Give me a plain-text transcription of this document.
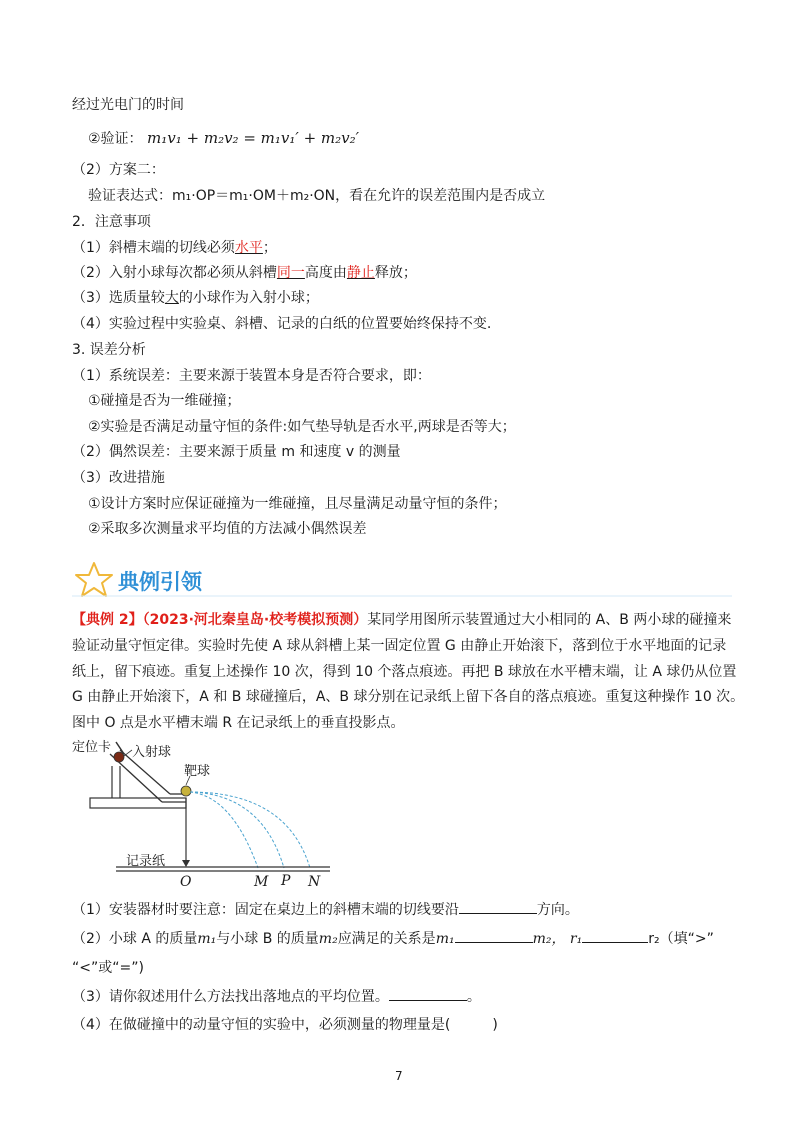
经过光电门的时间
②验证： m₁v₁ + m₂v₂ = m₁v₁′ + m₂v₂′
（2）方案二：
验证表达式：m₁·OP＝m₁·OM＋m₂·ON，看在允许的误差范围内是否成立
2．注意事项
（1）斜槽末端的切线必须水平；
（2）入射小球每次都必须从斜槽同一高度由静止释放；
（3）选质量较大的小球作为入射小球；
（4）实验过程中实验桌、斜槽、记录的白纸的位置要始终保持不变.
3. 误差分析
（1）系统误差：主要来源于装置本身是否符合要求，即：
①碰撞是否为一维碰撞；
②实验是否满足动量守恒的条件:如气垫导轨是否水平,两球是否等大；
（2）偶然误差：主要来源于质量 m 和速度 v 的测量
（3）改进措施
①设计方案时应保证碰撞为一维碰撞，且尽量满足动量守恒的条件；
②采取多次测量求平均值的方法减小偶然误差
典例引领
【典例 2】（2023·河北秦皇岛·校考模拟预测）某同学用图所示装置通过大小相同的 A、B 两小球的碰撞来
验证动量守恒定律。实验时先使 A 球从斜槽上某一固定位置 G 由静止开始滚下，落到位于水平地面的记录
纸上，留下痕迹。重复上述操作 10 次，得到 10 个落点痕迹。再把 B 球放在水平槽末端，让 A 球仍从位置
G 由静止开始滚下，A 和 B 球碰撞后，A、B 球分别在记录纸上留下各自的落点痕迹。重复这种操作 10 次。
图中 O 点是水平槽末端 R 在记录纸上的垂直投影点。
定位卡 入射球
靶球
记录纸
O	M P N
（1）安装器材时要注意：固定在桌边上的斜槽末端的切线要沿	方向。
（2）小球 A 的质量m₁与小球 B 的质量m₂应满足的关系是m₁	m₂， r₁	r₂（填“>”
“<”或“=”)
（3）请你叙述用什么方法找出落地点的平均位置。	。
（4）在做碰撞中的动量守恒的实验中，必须测量的物理量是(　　　)
7
